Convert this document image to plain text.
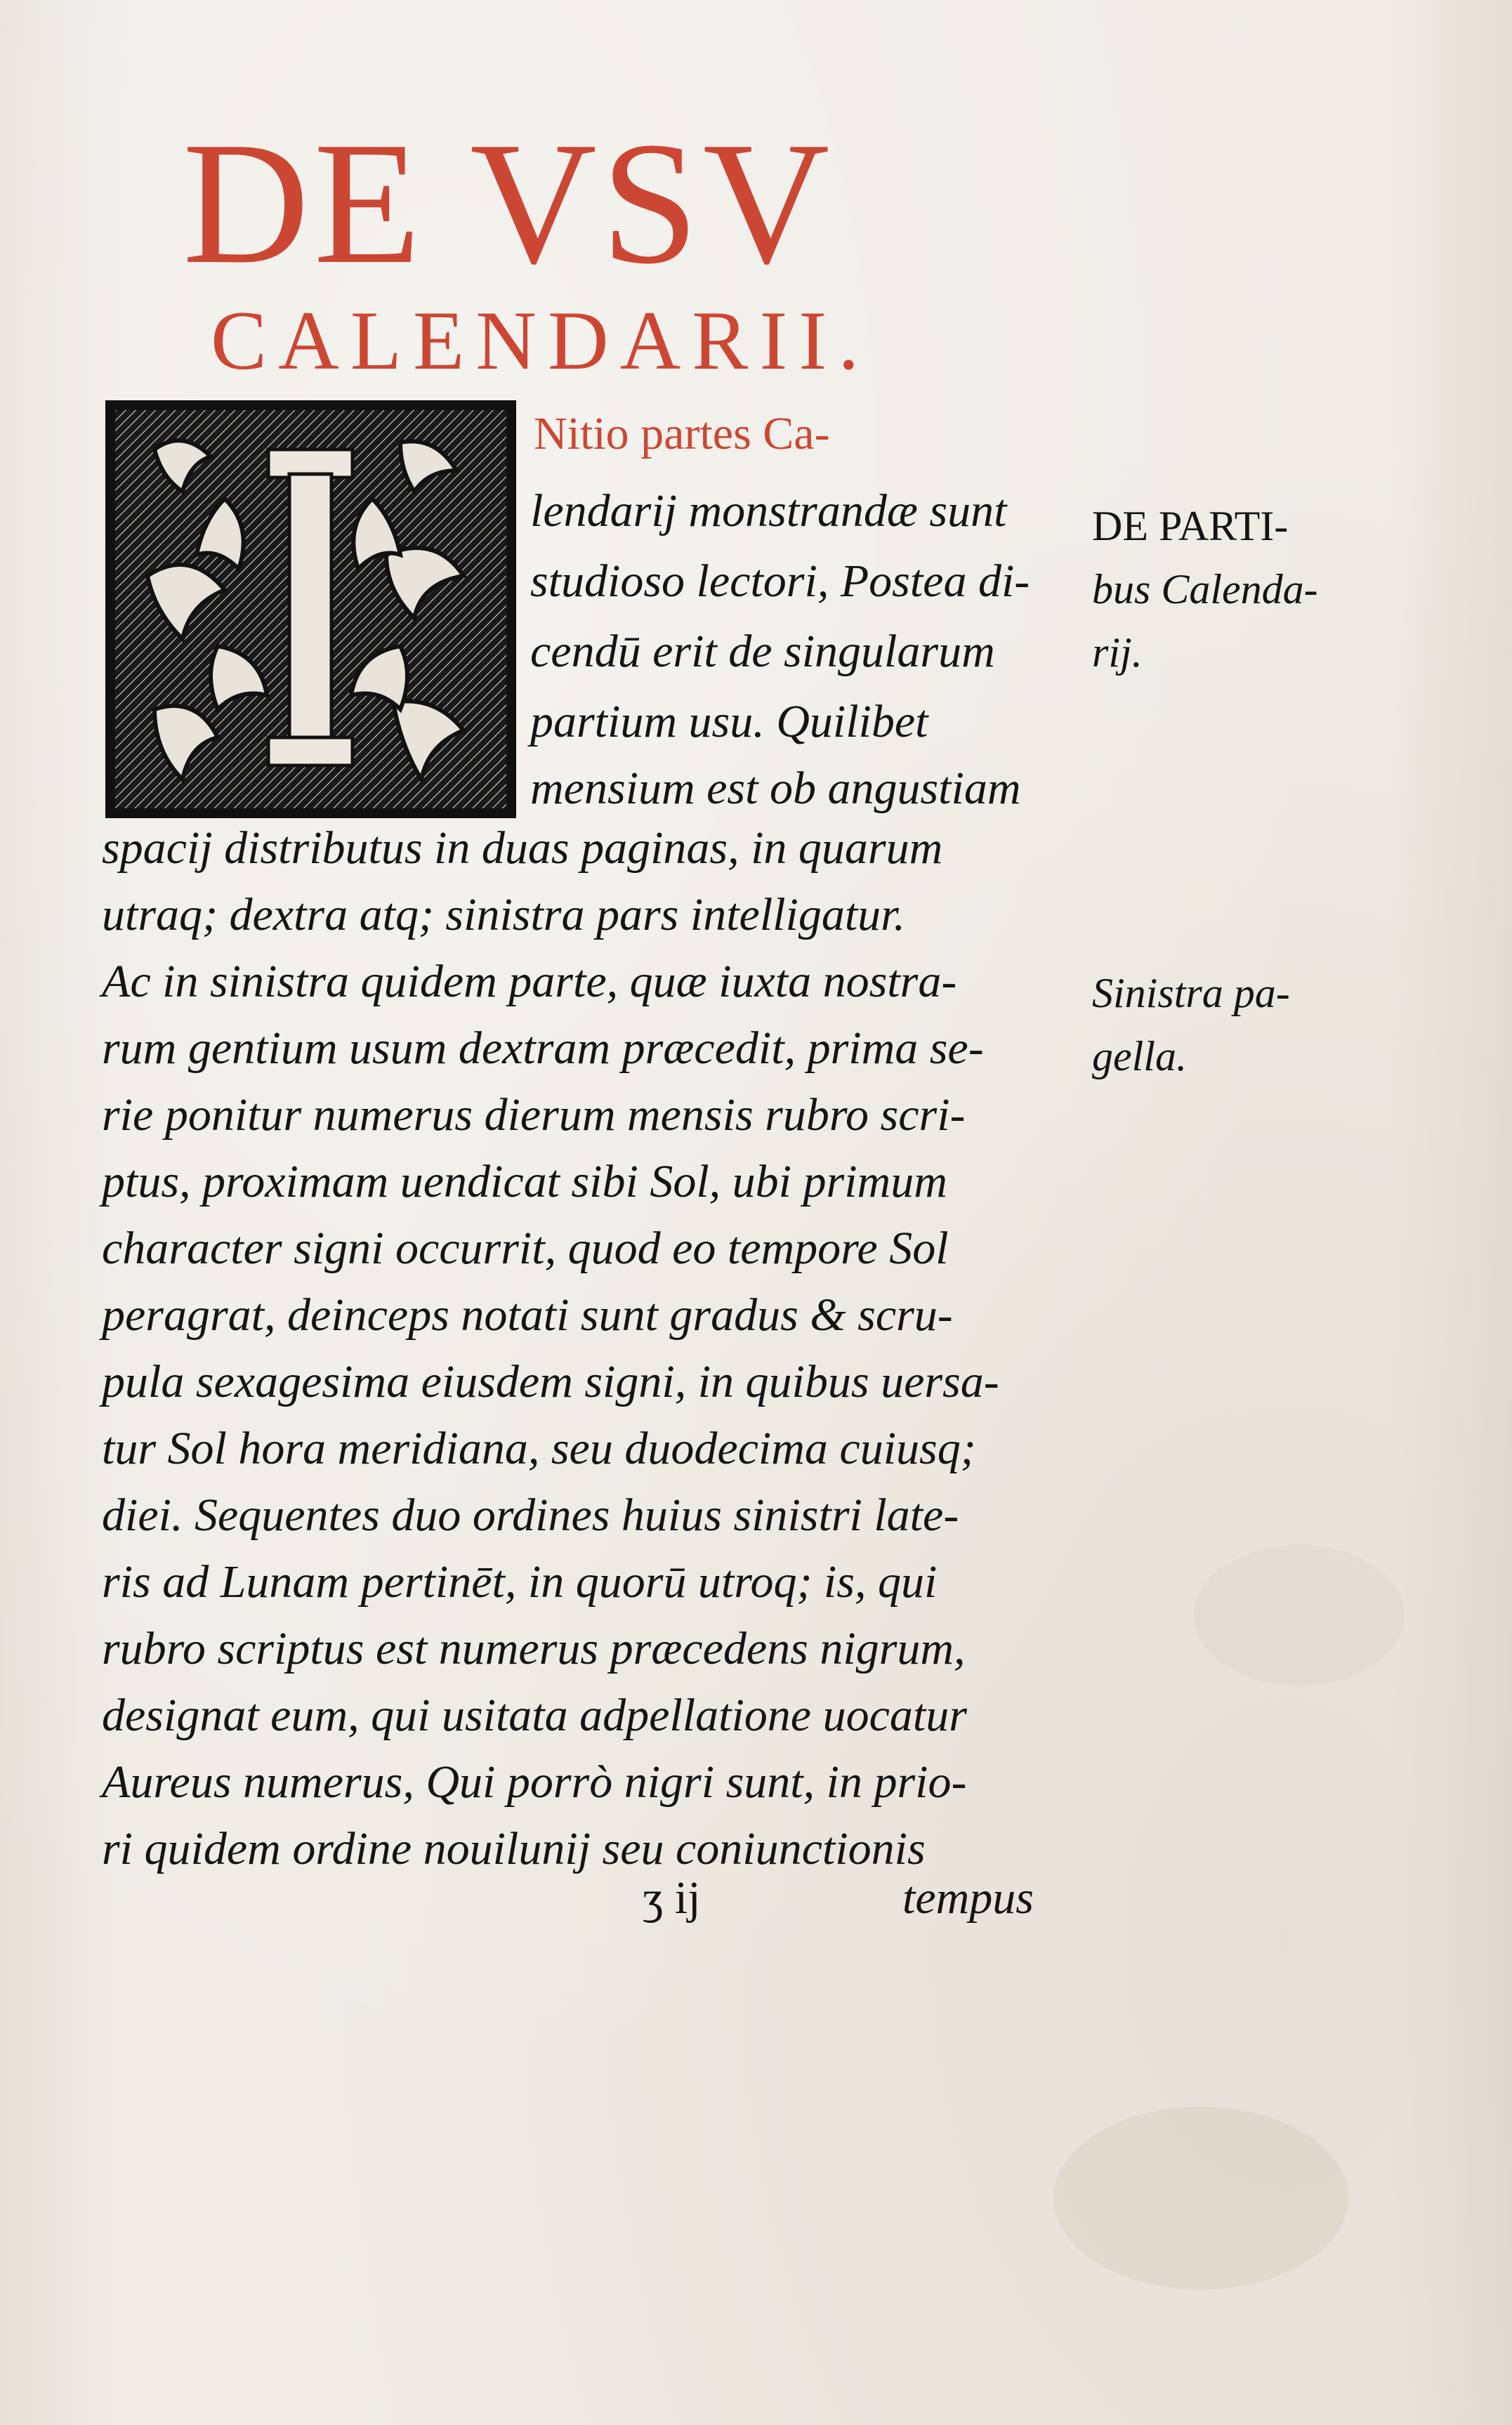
DE VSV
CALENDARII.
Nitio partes Ca-
lendarij monstrandæ sunt
studioso lectori, Postea di-
cendū erit de singularum
partium usu. Quilibet
mensium est ob angustiam
spacij distributus in duas paginas, in quarum
utraq; dextra atq; sinistra pars intelligatur.
Ac in sinistra quidem parte, quæ iuxta nostra-
rum gentium usum dextram præcedit, prima se-
rie ponitur numerus dierum mensis rubro scri-
ptus, proximam uendicat sibi Sol, ubi primum
character signi occurrit, quod eo tempore Sol
peragrat, deinceps notati sunt gradus & scru-
pula sexagesima eiusdem signi, in quibus uersa-
tur Sol hora meridiana, seu duodecima cuiusq;
diei. Sequentes duo ordines huius sinistri late-
ris ad Lunam pertinēt, in quorū utroq; is, qui
rubro scriptus est numerus præcedens nigrum,
designat eum, qui usitata adpellatione uocatur
Aureus numerus, Qui porrò nigri sunt, in prio-
ri quidem ordine nouilunij seu coniunctionis
DE PARTI-
bus Calenda-
rij.
Sinistra pa-
gella.
ʒ ij	tempus
